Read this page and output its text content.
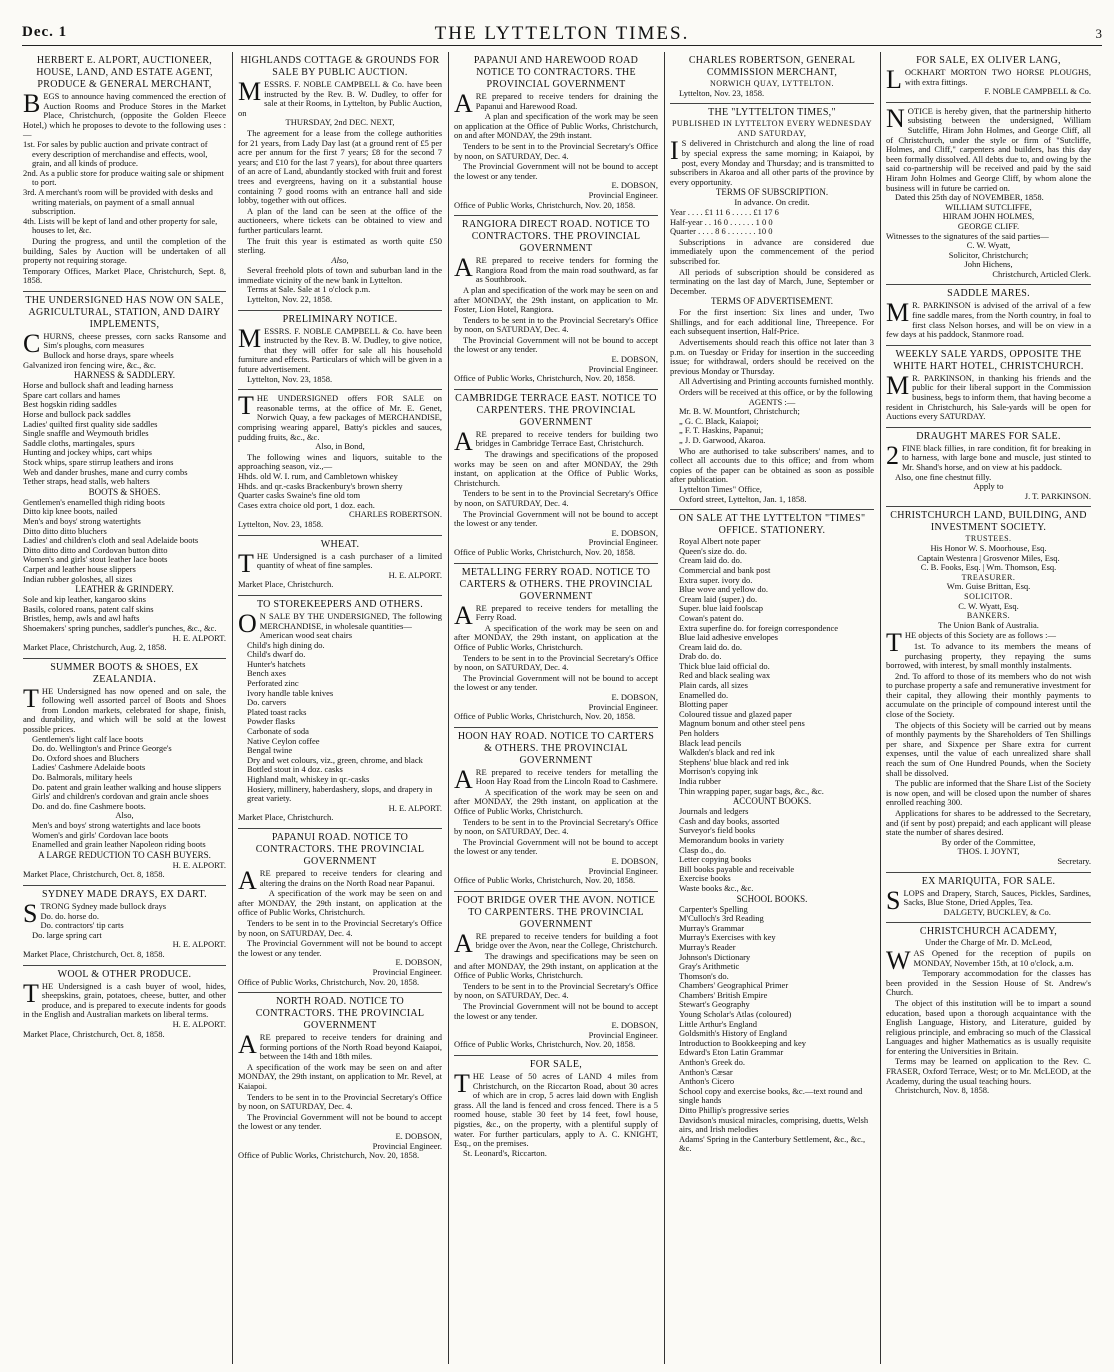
Dec. 1	THE LYTTELTON TIMES.	3
HERBERT E. ALPORT, AUCTIONEER, HOUSE, LAND, AND ESTATE AGENT, PRODUCE & GENERAL MERCHANT,
BEGS to announce having commenced the erection of Auction Rooms and Produce Stores in the Market Place, Christchurch, (opposite the Golden Fleece Hotel,) which he proposes to devote to the following uses :—
1st. For sales by public auction and private contract of every description of merchandise and effects, wool, grain, and all kinds of produce.
2nd. As a public store for produce waiting sale or shipment to port.
3rd. A merchant's room will be provided with desks and writing materials, on payment of a small annual subscription.
4th. Lists will be kept of land and other property for sale, houses to let, &c.
During the progress, and until the completion of the building, Sales by Auction will be undertaken of all property not requiring storage.
Temporary Offices, Market Place, Christchurch, Sept. 8, 1858.
THE UNDERSIGNED HAS NOW ON SALE, AGRICULTURAL, STATION, AND DAIRY IMPLEMENTS,
CHURNS, cheese presses, corn sacks Ransome and Sim's ploughs, corn measures
Bullock and horse drays, spare wheels
Galvanized iron fencing wire, &c., &c.
HARNESS & SADDLERY.
Horse and bullock shaft and leading harness
Spare cart collars and hames
Best hogskin riding saddles
Horse and bullock pack saddles
Ladies' quilted first quality side saddles
Single snaffle and Weymouth bridles
Saddle cloths, martingales, spurs
Hunting and jockey whips, cart whips
Stock whips, spare stirrup leathers and irons
Web and dander brushes, mane and curry combs
Tether straps, head stalls, web halters
BOOTS & SHOES.
Gentlemen's enamelled thigh riding boots
Ditto kip knee boots, nailed
Men's and boys' strong watertights
Ditto ditto ditto bluchers
Ladies' and children's cloth and seal Adelaide boots
Ditto ditto ditto and Cordovan button ditto
Women's and girls' stout leather lace boots
Carpet and leather house slippers
Indian rubber goloshes, all sizes
LEATHER & GRINDERY.
Sole and kip leather, kangaroo skins
Basils, colored roans, patent calf skins
Bristles, hemp, awls and awl hafts
Shoemakers' spring punches, saddler's punches, &c., &c.
H. E. ALPORT.
Market Place, Christchurch, Aug. 2, 1858.
SUMMER BOOTS & SHOES, EX ZEALANDIA.
THE Undersigned has now opened and on sale, the following well assorted parcel of Boots and Shoes from London markets, celebrated for shape, finish, and durability, and which will be sold at the lowest possible prices.
Gentlemen's light calf lace boots
Do. do. Wellington's and Prince George's
Do. Oxford shoes and Bluchers
Ladies' Cashmere Adelaide boots
Do. Balmorals, military heels
Do. patent and grain leather walking and house slippers
Girls' and children's cordovan and grain ancle shoes
Do. and do. fine Cashmere boots.
Also,
Men's and boys' strong watertights and lace boots
Women's and girls' Cordovan lace boots
Enamelled and grain leather Napoleon riding boots
A LARGE REDUCTION TO CASH BUYERS.
H. E. ALPORT.
Market Place, Christchurch, Oct. 8, 1858.
SYDNEY MADE DRAYS, EX DART.
STRONG Sydney made bullock drays
Do. do. horse do.
Do. contractors' tip carts
Do. large spring cart
H. E. ALPORT.
Market Place, Christchurch, Oct. 8, 1858.
WOOL & OTHER PRODUCE.
THE Undersigned is a cash buyer of wool, hides, sheepskins, grain, potatoes, cheese, butter, and other produce, and is prepared to execute indents for goods in the English and Australian markets on liberal terms.
H. E. ALPORT.
Market Place, Christchurch, Oct. 8, 1858.
HIGHLANDS COTTAGE & GROUNDS FOR SALE BY PUBLIC AUCTION.
MESSRS. F. NOBLE CAMPBELL & Co. have been instructed by the Rev. B. W. Dudley, to offer for sale at their Rooms, in Lyttelton, by Public Auction, on
THURSDAY, 2nd DEC. NEXT,
The agreement for a lease from the college authorities for 21 years, from Lady Day last (at a ground rent of £5 per acre per annum for the first 7 years; £8 for the second 7 years; and £10 for the last 7 years), for about three quarters of an acre of Land, abundantly stocked with fruit and forest trees and evergreens, having on it a substantial house containing 7 good rooms with an entrance hall and side lobby, together with out offices.
A plan of the land can be seen at the office of the auctioneers, where tickets can be obtained to view and further particulars learnt.
The fruit this year is estimated as worth quite £50 sterling.
Also,
Several freehold plots of town and suburban land in the immediate vicinity of the new bank in Lyttelton.
Terms at Sale. Sale at 1 o'clock p.m.
Lyttelton, Nov. 22, 1858.
PRELIMINARY NOTICE.
MESSRS. F. NOBLE CAMPBELL & Co. have been instructed by the Rev. B. W. Dudley, to give notice, that they will offer for sale all his household furniture and effects. Particulars of which will be given in a future advertisement.
Lyttelton, Nov. 23, 1858.
THE UNDERSIGNED offers FOR SALE on reasonable terms, at the office of Mr. E. Genet, Norwich Quay, a few packages of MERCHANDISE, comprising wearing apparel, Batty's pickles and sauces, pudding fruits, &c., &c.
Also, in Bond,
The following wines and liquors, suitable to the approaching season, viz.,—
Hhds. old W. I. rum, and Cambletown whiskey
Hhds. and qr.-casks Brackenbury's brown sherry
Quarter casks Swaine's fine old tom
Cases extra choice old port, 1 doz. each.
CHARLES ROBERTSON.
Lyttelton, Nov. 23, 1858.
WHEAT.
THE Undersigned is a cash purchaser of a limited quantity of wheat of fine samples.
H. E. ALPORT.
Market Place, Christchurch.
TO STOREKEEPERS AND OTHERS.
ON SALE BY THE UNDERSIGNED, The following MERCHANDISE, in wholesale quantities—
American wood seat chairs
Child's high dining do.
Child's dwarf do.
Hunter's hatchets
Bench axes
Perforated zinc
Ivory handle table knives
Do. carvers
Plated toast racks
Powder flasks
Carbonate of soda
Native Ceylon coffee
Bengal twine
Dry and wet colours, viz., green, chrome, and black
Bottled stout in 4 doz. casks
Highland malt, whiskey in qr.-casks
Hosiery, millinery, haberdashery, slops, and drapery in great variety.
H. E. ALPORT.
Market Place, Christchurch.
PAPANUI ROAD. NOTICE TO CONTRACTORS. THE PROVINCIAL GOVERNMENT
ARE prepared to receive tenders for clearing and altering the drains on the North Road near Papanui.
A specification of the work may be seen on and after MONDAY, the 29th instant, on application at the office of Public Works, Christchurch.
Tenders to be sent in to the Provincial Secretary's Office by noon, on SATURDAY, Dec. 4.
The Provincial Government will not be bound to accept the lowest or any tender.
E. DOBSON,
Provincial Engineer.
Office of Public Works, Christchurch, Nov. 20, 1858.
NORTH ROAD. NOTICE TO CONTRACTORS. THE PROVINCIAL GOVERNMENT
ARE prepared to receive tenders for draining and forming portions of the North Road beyond Kaiapoi, between the 14th and 18th miles.
A specification of the work may be seen on and after MONDAY, the 29th instant, on application to Mr. Revel, at Kaiapoi.
Tenders to be sent in to the Provincial Secretary's Office by noon, on SATURDAY, Dec. 4.
The Provincial Government will not be bound to accept the lowest or any tender.
E. DOBSON,
Provincial Engineer.
Office of Public Works, Christchurch, Nov. 20, 1858.
PAPANUI AND HAREWOOD ROAD NOTICE TO CONTRACTORS. THE PROVINCIAL GOVERNMENT
ARE prepared to receive tenders for draining the Papanui and Harewood Road.
A plan and specification of the work may be seen on application at the Office of Public Works, Christchurch, on and after MONDAY, the 29th instant.
Tenders to be sent in to the Provincial Secretary's Office by noon, on SATURDAY, Dec. 4.
The Provincial Government will not be bound to accept the lowest or any tender.
E. DOBSON,
Provincial Engineer.
Office of Public Works, Christchurch, Nov. 20, 1858.
RANGIORA DIRECT ROAD. NOTICE TO CONTRACTORS. THE PROVINCIAL GOVERNMENT
ARE prepared to receive tenders for forming the Rangiora Road from the main road southward, as far as Southbrook.
A plan and specification of the work may be seen on and after MONDAY, the 29th instant, on application to Mr. Foster, Lion Hotel, Rangiora.
Tenders to be sent in to the Provincial Secretary's Office by noon, on SATURDAY, Dec. 4.
The Provincial Government will not be bound to accept the lowest or any tender.
E. DOBSON,
Provincial Engineer.
Office of Public Works, Christchurch, Nov. 20, 1858.
CAMBRIDGE TERRACE EAST. NOTICE TO CARPENTERS. THE PROVINCIAL GOVERNMENT
ARE prepared to receive tenders for building two bridges in Cambridge Terrace East, Christchurch.
The drawings and specifications of the proposed works may be seen on and after MONDAY, the 29th instant, on application at the Office of Public Works, Christchurch.
Tenders to be sent in to the Provincial Secretary's Office by noon, on SATURDAY, Dec. 4.
The Provincial Government will not be bound to accept the lowest or any tender.
E. DOBSON,
Provincial Engineer.
Office of Public Works, Christchurch, Nov. 20, 1858.
METALLING FERRY ROAD. NOTICE TO CARTERS & OTHERS. THE PROVINCIAL GOVERNMENT
ARE prepared to receive tenders for metalling the Ferry Road.
A specification of the work may be seen on and after MONDAY, the 29th instant, on application at the Office of Public Works, Christchurch.
Tenders to be sent in to the Provincial Secretary's Office by noon, on SATURDAY, Dec. 4.
The Provincial Government will not be bound to accept the lowest or any tender.
E. DOBSON,
Provincial Engineer.
Office of Public Works, Christchurch, Nov. 20, 1858.
HOON HAY ROAD. NOTICE TO CARTERS & OTHERS. THE PROVINCIAL GOVERNMENT
ARE prepared to receive tenders for metalling the Hoon Hay Road from the Lincoln Road to Cashmere.
A specification of the work may be seen on and after MONDAY, the 29th instant, on application at the Office of Public Works, Christchurch.
Tenders to be sent in to the Provincial Secretary's Office by noon, on SATURDAY, Dec. 4.
The Provincial Government will not be bound to accept the lowest or any tender.
E. DOBSON,
Provincial Engineer.
Office of Public Works, Christchurch, Nov. 20, 1858.
FOOT BRIDGE OVER THE AVON. NOTICE TO CARPENTERS. THE PROVINCIAL GOVERNMENT
ARE prepared to receive tenders for building a foot bridge over the Avon, near the College, Christchurch.
The drawings and specifications may be seen on and after MONDAY, the 29th instant, on application at the Office of Public Works, Christchurch.
Tenders to be sent in to the Provincial Secretary's Office by noon, on SATURDAY, Dec. 4.
The Provincial Government will not be bound to accept the lowest or any tender.
E. DOBSON,
Provincial Engineer.
Office of Public Works, Christchurch, Nov. 20, 1858.
FOR SALE,
THE Lease of 50 acres of LAND 4 miles from Christchurch, on the Riccarton Road, about 30 acres of which are in crop, 5 acres laid down with English grass. All the land is fenced and cross fenced. There is a 5 roomed house, stable 30 feet by 14 feet, fowl house, pigsties, &c., on the property, with a plentiful supply of water. For further particulars, apply to A. C. KNIGHT, Esq., on the premises.
St. Leonard's, Riccarton.
CHARLES ROBERTSON, GENERAL COMMISSION MERCHANT,
NORWICH QUAY, LYTTELTON.
Lyttelton, Nov. 23, 1858.
THE "LYTTELTON TIMES,"
PUBLISHED IN LYTTELTON EVERY WEDNESDAY AND SATURDAY,
IS delivered in Christchurch and along the line of road by special express the same morning; in Kaiapoi, by post, every Monday and Thursday; and is transmitted to subscribers in Akaroa and all other parts of the province by every opportunity.
TERMS OF SUBSCRIPTION.
In advance. On credit.
Year . . . . £1 11 6 . . . . . £1 17 6
Half-year . . 16 0 . . . . . . 1 0 0
Quarter . . . . 8 6 . . . . . . . 10 0
Subscriptions in advance are considered due immediately upon the commencement of the period subscribed for.
All periods of subscription should be considered as terminating on the last day of March, June, September or December.
TERMS OF ADVERTISEMENT.
For the first insertion: Six lines and under, Two Shillings, and for each additional line, Threepence. For each subsequent insertion, Half-Price.
Advertisements should reach this office not later than 3 p.m. on Tuesday or Friday for insertion in the succeeding issue; for withdrawal, orders should be received on the previous Monday or Thursday.
All Advertising and Printing accounts furnished monthly.
Orders will be received at this office, or by the following
AGENTS :—
Mr. B. W. Mountfort, Christchurch;
„ G. C. Black, Kaiapoi;
„ F. T. Haskins, Papanui;
„ J. D. Garwood, Akaroa.
Who are authorised to take subscribers' names, and to collect all accounts due to this office; and from whom copies of the paper can be obtained as soon as possible after publication.
Lyttelton Times" Office,
Oxford street, Lyttelton, Jan. 1, 1858.
ON SALE AT THE LYTTELTON "TIMES" OFFICE. STATIONERY.
Royal Albert note paper
Queen's size do. do.
Cream laid do. do.
Commercial and bank post
Extra super. ivory do.
Blue wove and yellow do.
Cream laid (super.) do.
Super. blue laid foolscap
Cowan's patent do.
Extra superfine do. for foreign correspondence
Blue laid adhesive envelopes
Cream laid do. do.
Drab do. do.
Thick blue laid official do.
Red and black sealing wax
Plain cards, all sizes
Enamelled do.
Blotting paper
Coloured tissue and glazed paper
Magnum bonum and other steel pens
Pen holders
Black lead pencils
Walkden's black and red ink
Stephens' blue black and red ink
Morrison's copying ink
India rubber
Thin wrapping paper, sugar bags, &c., &c.
ACCOUNT BOOKS.
Journals and ledgers
Cash and day books, assorted
Surveyor's field books
Memorandum books in variety
Clasp do., do.
Letter copying books
Bill books payable and receivable
Exercise books
Waste books &c., &c.
SCHOOL BOOKS.
Carpenter's Spelling
M'Culloch's 3rd Reading
Murray's Grammar
Murray's Exercises with key
Murray's Reader
Johnson's Dictionary
Gray's Arithmetic
Thomson's do.
Chambers' Geographical Primer
Chambers' British Empire
Stewart's Geography
Young Scholar's Atlas (coloured)
Little Arthur's England
Goldsmith's History of England
Introduction to Bookkeeping and key
Edward's Eton Latin Grammar
Anthon's Greek do.
Anthon's Cæsar
Anthon's Cicero
School copy and exercise books, &c.—text round and single hands
Ditto Phillip's progressive series
Davidson's musical miracles, comprising, duetts, Welsh airs, and Irish melodies
Adams' Spring in the Canterbury Settlement, &c., &c., &c.
FOR SALE, EX OLIVER LANG,
LOCKHART MORTON TWO HORSE PLOUGHS, with extra fittings.
F. NOBLE CAMPBELL & Co.
NOTICE is hereby given, that the partnership hitherto subsisting between the undersigned, William Sutcliffe, Hiram John Holmes, and George Cliff, all of Christchurch, under the style or firm of "Sutcliffe, Holmes, and Cliff," carpenters and builders, has this day been formally dissolved. All debts due to, and owing by the said co-partnership will be received and paid by the said Hiram John Holmes and George Cliff, by whom alone the business will in future be carried on.
Dated this 25th day of NOVEMBER, 1858.
WILLIAM SUTCLIFFE,
HIRAM JOHN HOLMES,
GEORGE CLIFF.
Witnesses to the signatures of the said parties—
C. W. Wyatt,
Solicitor, Christchurch;
John Hichens,
Christchurch, Articled Clerk.
SADDLE MARES.
MR. PARKINSON is advised of the arrival of a few fine saddle mares, from the North country, in foal to first class Nelson horses, and will be on view in a few days at his paddock, Stanmore road.
WEEKLY SALE YARDS, OPPOSITE THE WHITE HART HOTEL, CHRISTCHURCH.
MR. PARKINSON, in thanking his friends and the public for their liberal support in the Commission business, begs to inform them, that having become a resident in Christchurch, his Sale-yards will be open for Auctions every SATURDAY.
DRAUGHT MARES FOR SALE.
2FINE black fillies, in rare condition, fit for breaking in to harness, with large bone and muscle, just stinted to Mr. Shand's horse, and on view at his paddock.
Also, one fine chestnut filly.
Apply to
J. T. PARKINSON.
CHRISTCHURCH LAND, BUILDING, AND INVESTMENT SOCIETY.
TRUSTEES.
His Honor W. S. Moorhouse, Esq.
Captain Westenra | Grosvenor Miles, Esq.
C. B. Fooks, Esq. | Wm. Thomson, Esq.
TREASURER.
Wm. Guise Brittan, Esq.
SOLICITOR.
C. W. Wyatt, Esq.
BANKERS.
The Union Bank of Australia.
THE objects of this Society are as follows :—
1st. To advance to its members the means of purchasing property, they repaying the sums borrowed, with interest, by small monthly instalments.
2nd. To afford to those of its members who do not wish to purchase property a safe and remunerative investment for their capital, they allowing their monthly payments to accumulate on the principle of compound interest until the close of the Society.
The objects of this Society will be carried out by means of monthly payments by the Shareholders of Ten Shillings per share, and Sixpence per Share extra for current expenses, until the value of each unrealized share shall reach the sum of One Hundred Pounds, when the Society shall be dissolved.
The public are informed that the Share List of the Society is now open, and will be closed upon the number of shares enrolled reaching 300.
Applications for shares to be addressed to the Secretary, and (if sent by post) prepaid; and each applicant will please state the number of shares desired.
By order of the Committee,
THOS. I. JOYNT,
Secretary.
EX MARIQUITA, FOR SALE.
SLOPS and Drapery, Starch, Sauces, Pickles, Sardines, Sacks, Blue Stone, Dried Apples, Tea.
DALGETY, BUCKLEY, & Co.
CHRISTCHURCH ACADEMY,
Under the Charge of Mr. D. McLeod,
WAS Opened for the reception of pupils on MONDAY, November 15th, at 10 o'clock, a.m.
Temporary accommodation for the classes has been provided in the Session House of St. Andrew's Church.
The object of this institution will be to impart a sound education, based upon a thorough acquaintance with the English Language, History, and Literature, guided by religious principle, and embracing so much of the Classical Languages and higher Mathematics as is usually requisite for entering the Universities in Britain.
Terms may be learned on application to the Rev. C. FRASER, Oxford Terrace, West; or to Mr. McLEOD, at the Academy, during the usual teaching hours.
Christchurch, Nov. 8, 1858.
